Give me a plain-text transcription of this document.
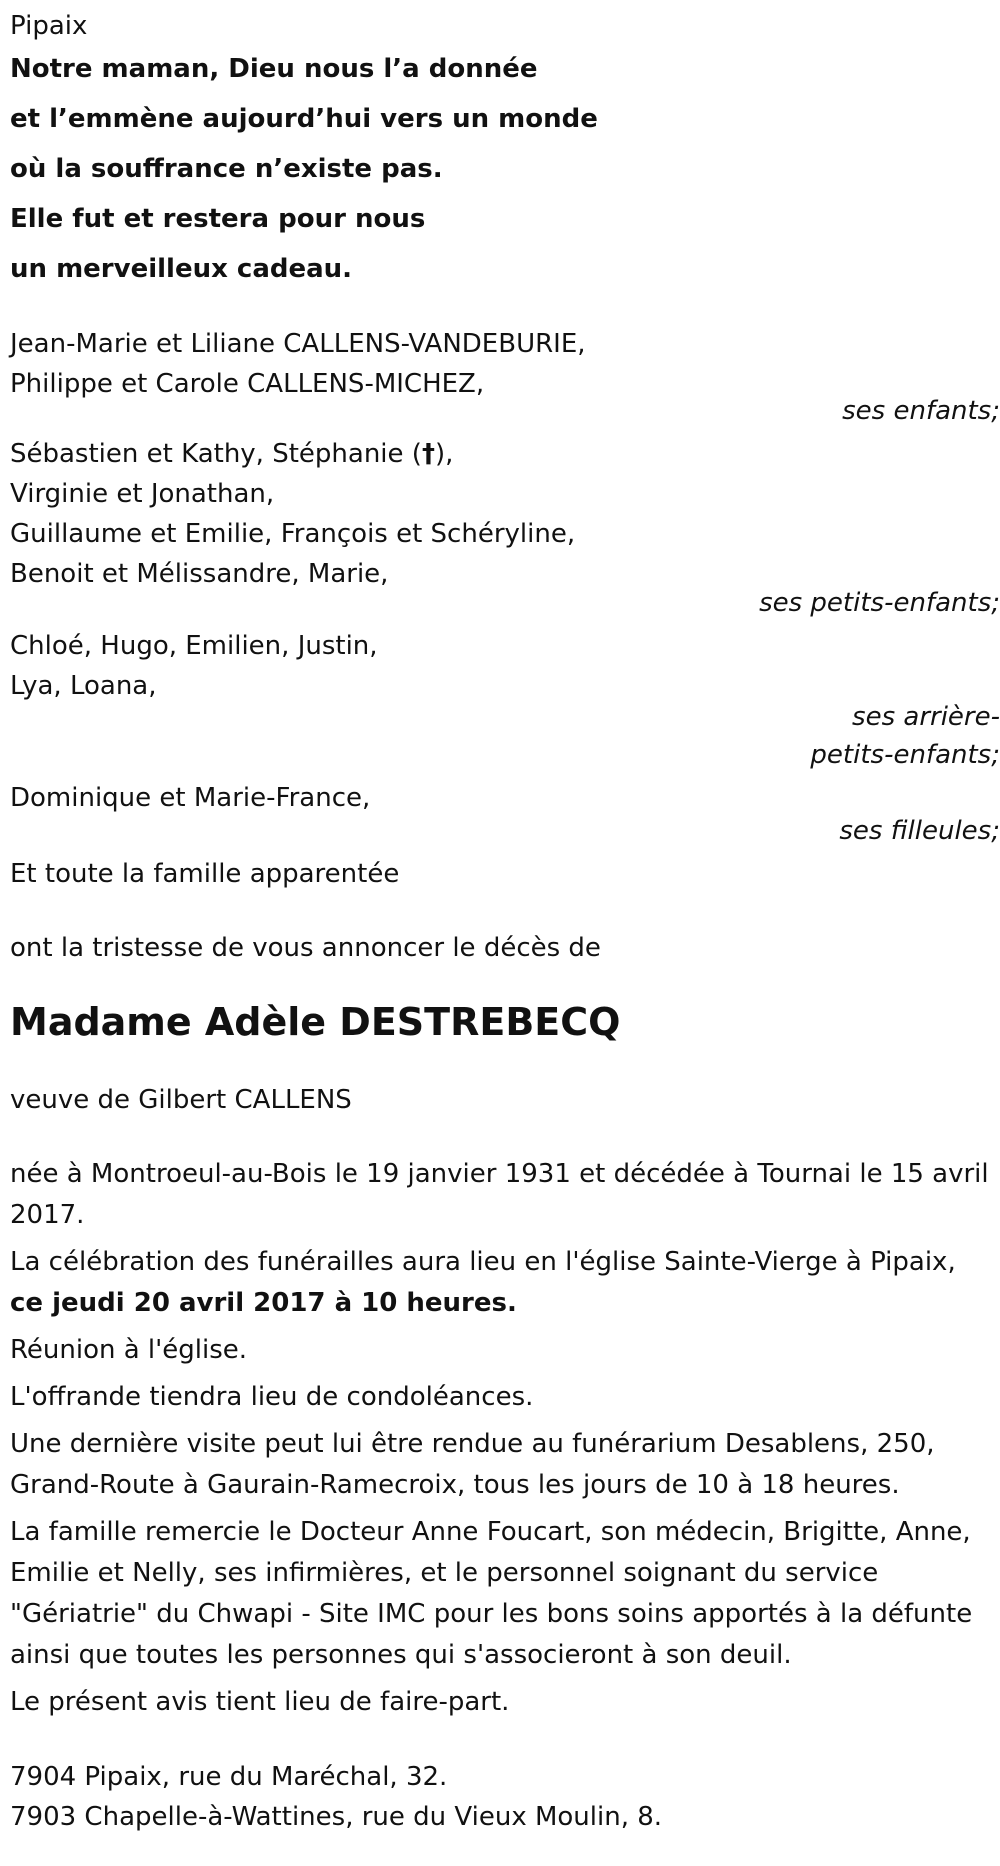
Pipaix
Notre maman, Dieu nous l’a donnée
et l’emmène aujourd’hui vers un monde
où la souffrance n’existe pas.
Elle fut et restera pour nous
un merveilleux cadeau.
Jean-Marie et Liliane CALLENS-VANDEBURIE,
Philippe et Carole CALLENS-MICHEZ,
ses enfants;
Sébastien et Kathy, Stéphanie (†),
Virginie et Jonathan,
Guillaume et Emilie, François et Schéryline,
Benoit et Mélissandre, Marie,
ses petits-enfants;
Chloé, Hugo, Emilien, Justin,
Lya, Loana,
ses arrière-petits-enfants;
Dominique et Marie-France,
ses filleules;
Et toute la famille apparentée
ont la tristesse de vous annoncer le décès de
Madame Adèle DESTREBECQ
veuve de Gilbert CALLENS
née à Montroeul-au-Bois le 19 janvier 1931 et décédée à Tournai le 15 avril 2017.
La célébration des funérailles aura lieu en l'église Sainte-Vierge à Pipaix,
ce jeudi 20 avril 2017 à 10 heures.
Réunion à l'église.
L'offrande tiendra lieu de condoléances.
Une dernière visite peut lui être rendue au funérarium Desablens, 250, Grand-Route à Gaurain-Ramecroix, tous les jours de 10 à 18 heures.
La famille remercie le Docteur Anne Foucart, son médecin, Brigitte, Anne, Emilie et Nelly, ses infirmières, et le personnel soignant du service "Gériatrie" du Chwapi - Site IMC pour les bons soins apportés à la défunte ainsi que toutes les personnes qui s'associeront à son deuil.
Le présent avis tient lieu de faire-part.
7904 Pipaix, rue du Maréchal, 32.
7903 Chapelle-à-Wattines, rue du Vieux Moulin, 8.
